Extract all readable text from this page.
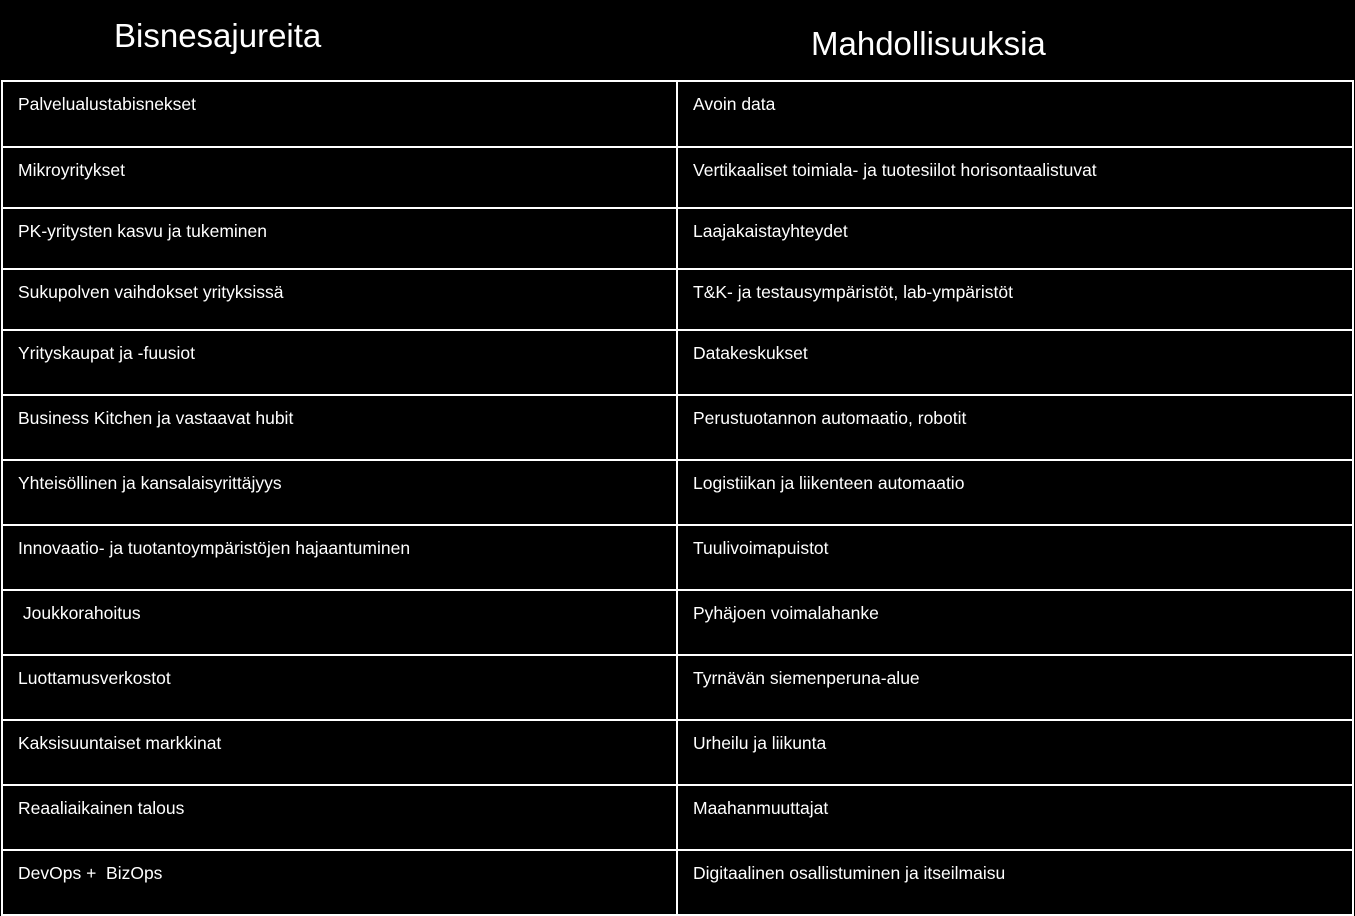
Bisnesajureita	Mahdollisuuksia
Palvelualustabisnekset	Avoin data
Mikroyritykset	Vertikaaliset toimiala- ja tuotesiilot horisontaalistuvat
PK-yritysten kasvu ja tukeminen	Laajakaistayhteydet
Sukupolven vaihdokset yrityksissä	T&K- ja testausympäristöt, lab-ympäristöt
Yrityskaupat ja -fuusiot	Datakeskukset
Business Kitchen ja vastaavat hubit	Perustuotannon automaatio, robotit
Yhteisöllinen ja kansalaisyrittäjyys	Logistiikan ja liikenteen automaatio
Innovaatio- ja tuotantoympäristöjen hajaantuminen	Tuulivoimapuistot
Joukkorahoitus	Pyhäjoen voimalahanke
Luottamusverkostot	Tyrnävän siemenperuna-alue
Kaksisuuntaiset markkinat	Urheilu ja liikunta
Reaaliaikainen talous	Maahanmuuttajat
DevOps +  BizOps	Digitaalinen osallistuminen ja itseilmaisu
